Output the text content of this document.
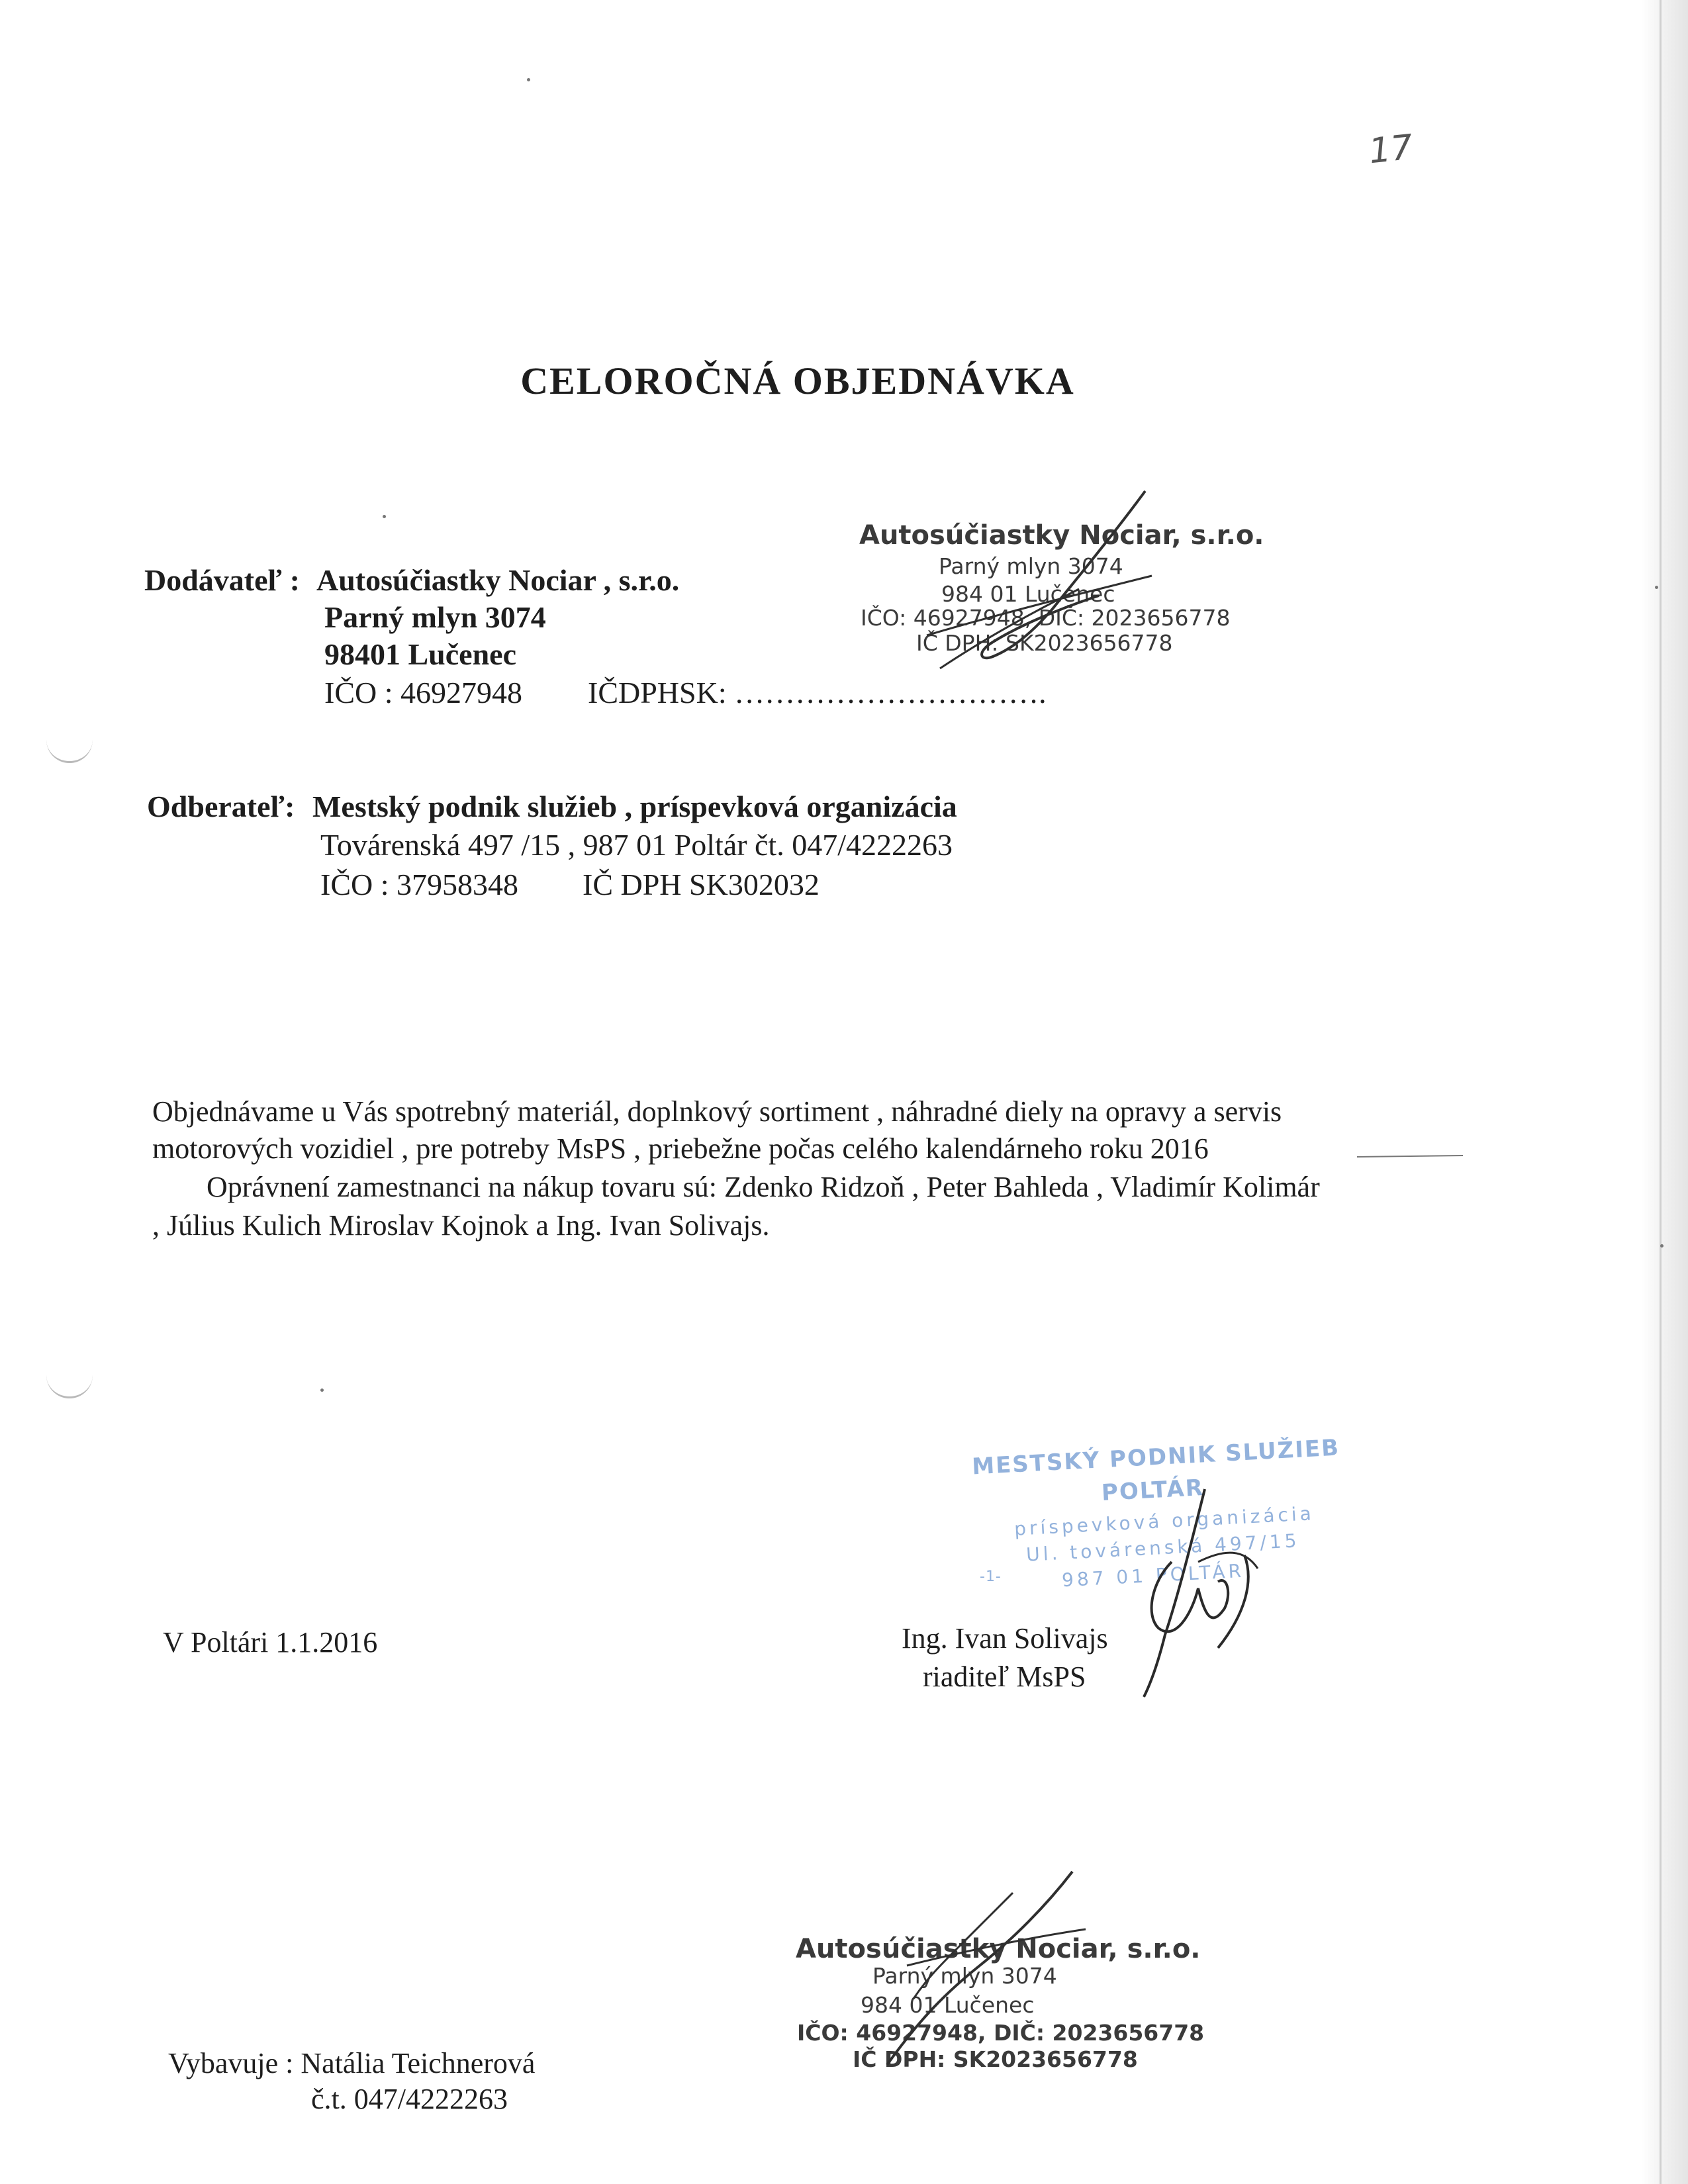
17
CELOROČNÁ OBJEDNÁVKA
Dodávateľ : Autosúčiastky Nociar , s.r.o.
Parný mlyn 3074
98401 Lučenec
IČO : 46927948 IČDPHSK: ………………………….
Autosúčiastky Nociar, s.r.o.
Parný mlyn 3074
984 01 Lučenec
IČO: 46927948, DIČ: 2023656778
IČ DPH: SK2023656778
Odberateľ: Mestský podnik služieb , príspevková organizácia
Továrenská 497 /15 , 987 01 Poltár čt. 047/4222263
IČO : 37958348 IČ DPH SK302032
Objednávame u Vás spotrebný materiál, doplnkový sortiment , náhradné diely na opravy a servis
motorových vozidiel , pre potreby MsPS , priebežne počas celého kalendárneho roku 2016
Oprávnení zamestnanci na nákup tovaru sú: Zdenko Ridzoň , Peter Bahleda , Vladimír Kolimár
, Július Kulich Miroslav Kojnok a Ing. Ivan Solivajs.
MESTSKÝ PODNIK SLUŽIEB
POLTÁR
príspevková organizácia
Ul. továrenská 497/15
987 01 POLTÁR
-1-
V Poltári 1.1.2016	Ing. Ivan Solivajs
riaditeľ MsPS
Autosúčiastky Nociar, s.r.o.
Parný mlyn 3074
984 01 Lučenec
IČO: 46927948, DIČ: 2023656778
IČ DPH: SK2023656778
Vybavuje : Natália Teichnerová
č.t. 047/4222263
